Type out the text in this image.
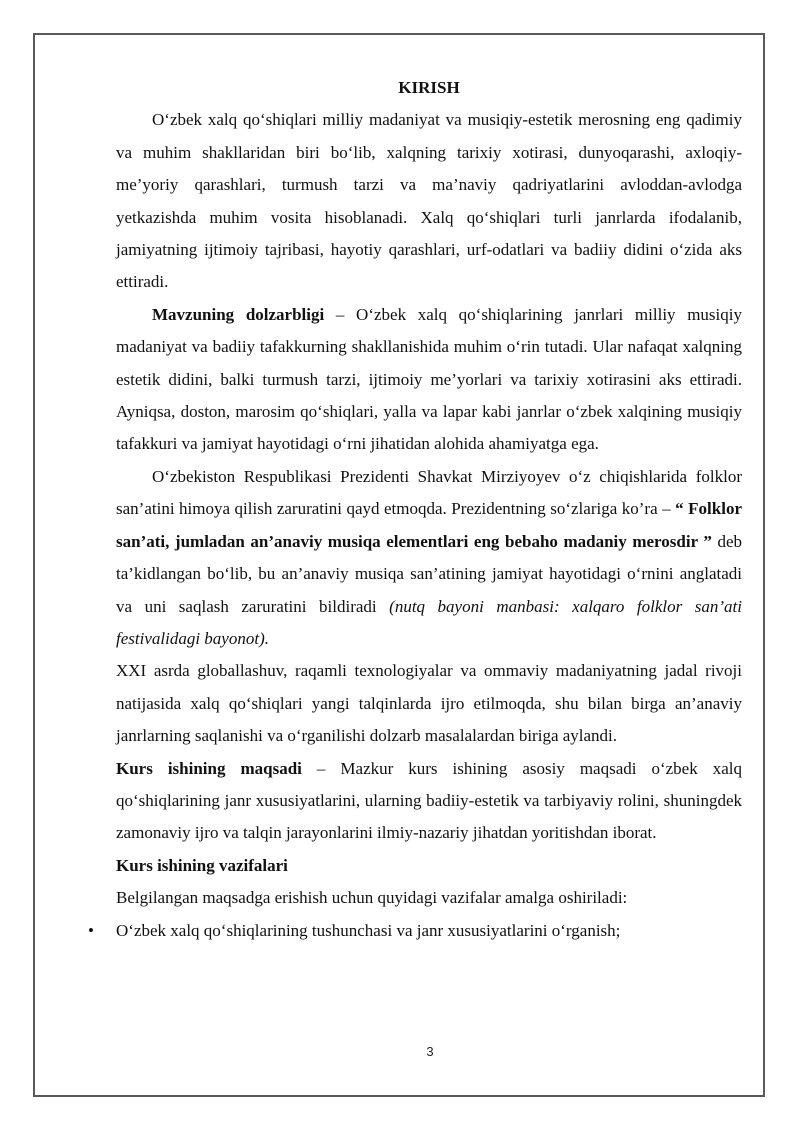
KIRISH

O‘zbek xalq qo‘shiqlari milliy madaniyat va musiqiy-estetik merosning eng qadimiy va muhim shakllaridan biri bo‘lib, xalqning tarixiy xotirasi, dunyoqarashi, axloqiy-me’yoriy qarashlari, turmush tarzi va ma’naviy qadriyatlarini avloddan-avlodga yetkazishda muhim vosita hisoblanadi. Xalq qo‘shiqlari turli janrlarda ifodalanib, jamiyatning ijtimoiy tajribasi, hayotiy qarashlari, urf-odatlari va badiiy didini o‘zida aks ettiradi.

Mavzuning dolzarbligi – O‘zbek xalq qo‘shiqlarining janrlari milliy musiqiy madaniyat va badiiy tafakkurning shakllanishida muhim o‘rin tutadi. Ular nafaqat xalqning estetik didini, balki turmush tarzi, ijtimoiy me’yorlari va tarixiy xotirasini aks ettiradi. Ayniqsa, doston, marosim qo‘shiqlari, yalla va lapar kabi janrlar o‘zbek xalqining musiqiy tafakkuri va jamiyat hayotidagi o‘rni jihatidan alohida ahamiyatga ega.

O‘zbekiston Respublikasi Prezidenti Shavkat Mirziyoyev o‘z chiqishlarida folklor san’atini himoya qilish zaruratini qayd etmoqda. Prezidentning so‘zlariga ko’ra – “ Folklor san’ati, jumladan an’anaviy musiqa elementlari eng bebaho madaniy merosdir ” deb ta’kidlangan bo‘lib, bu an’anaviy musiqa san’atining jamiyat hayotidagi o‘rnini anglatadi va uni saqlash zaruratini bildiradi (nutq bayoni manbasi: xalqaro folklor san’ati festivalidagi bayonot).

XXI asrda globallashuv, raqamli texnologiyalar va ommaviy madaniyatning jadal rivoji natijasida xalq qo‘shiqlari yangi talqinlarda ijro etilmoqda, shu bilan birga an’anaviy janrlarning saqlanishi va o‘rganilishi dolzarb masalalardan biriga aylandi.

Kurs ishining maqsadi – Mazkur kurs ishining asosiy maqsadi o‘zbek xalq qo‘shiqlarining janr xususiyatlarini, ularning badiiy-estetik va tarbiyaviy rolini, shuningdek zamonaviy ijro va talqin jarayonlarini ilmiy-nazariy jihatdan yoritishdan iborat.

Kurs ishining vazifalari

Belgilangan maqsadga erishish uchun quyidagi vazifalar amalga oshiriladi:

• O‘zbek xalq qo‘shiqlarining tushunchasi va janr xususiyatlarini o‘rganish;

3
